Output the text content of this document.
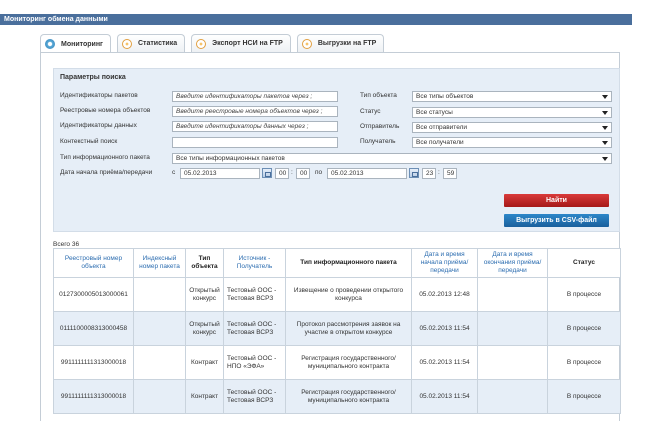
Мониторинг обмена данными
Мониторинг	Статистика	Экспорт НСИ на FTP	Выгрузки на FTP
Параметры поиска
Идентификаторы пакетов	Введите идентификаторы пакетов через ;
Реестровые номера объектов	Введите реестровые номера объектов через ;
Идентификаторы данных	Введите идентификаторы данных через ;
Контекстный поиск
Тип объекта	Все типы объектов
Статус	Все статусы
Отправитель	Все отправители
Получатель	Все получатели
Тип информационного пакета	Все типы информационных пакетов
Дата начала приёма/передачи	с	05.02.2013	00 :	00	по	05.02.2013	23 :	59
Найти
Выгрузить в CSV-файл
Всего 36
Реестровый номер объекта	Индексный номер пакета	Тип объекта	Источник - Получатель	Тип информационного пакета	Дата и время начала приёма/передачи	Дата и время окончания приёма/передачи	Статус
0127300005013000061		Открытый конкурс	Тестовый ООС - Тестовая ВСРЗ	Извещение о проведении открытого конкурса	05.02.2013 12:48		В процессе
0111100008313000458		Открытый конкурс	Тестовый ООС - Тестовая ВСРЗ	Протокол рассмотрения заявок на участие в открытом конкурсе	05.02.2013 11:54		В процессе
9911111111313000018		Контракт	Тестовый ООС - НПО «ЭФА»	Регистрация государственного/муниципального контракта	05.02.2013 11:54		В процессе
9911111111313000018		Контракт	Тестовый ООС - Тестовая ВСРЗ	Регистрация государственного/муниципального контракта	05.02.2013 11:54		В процессе
